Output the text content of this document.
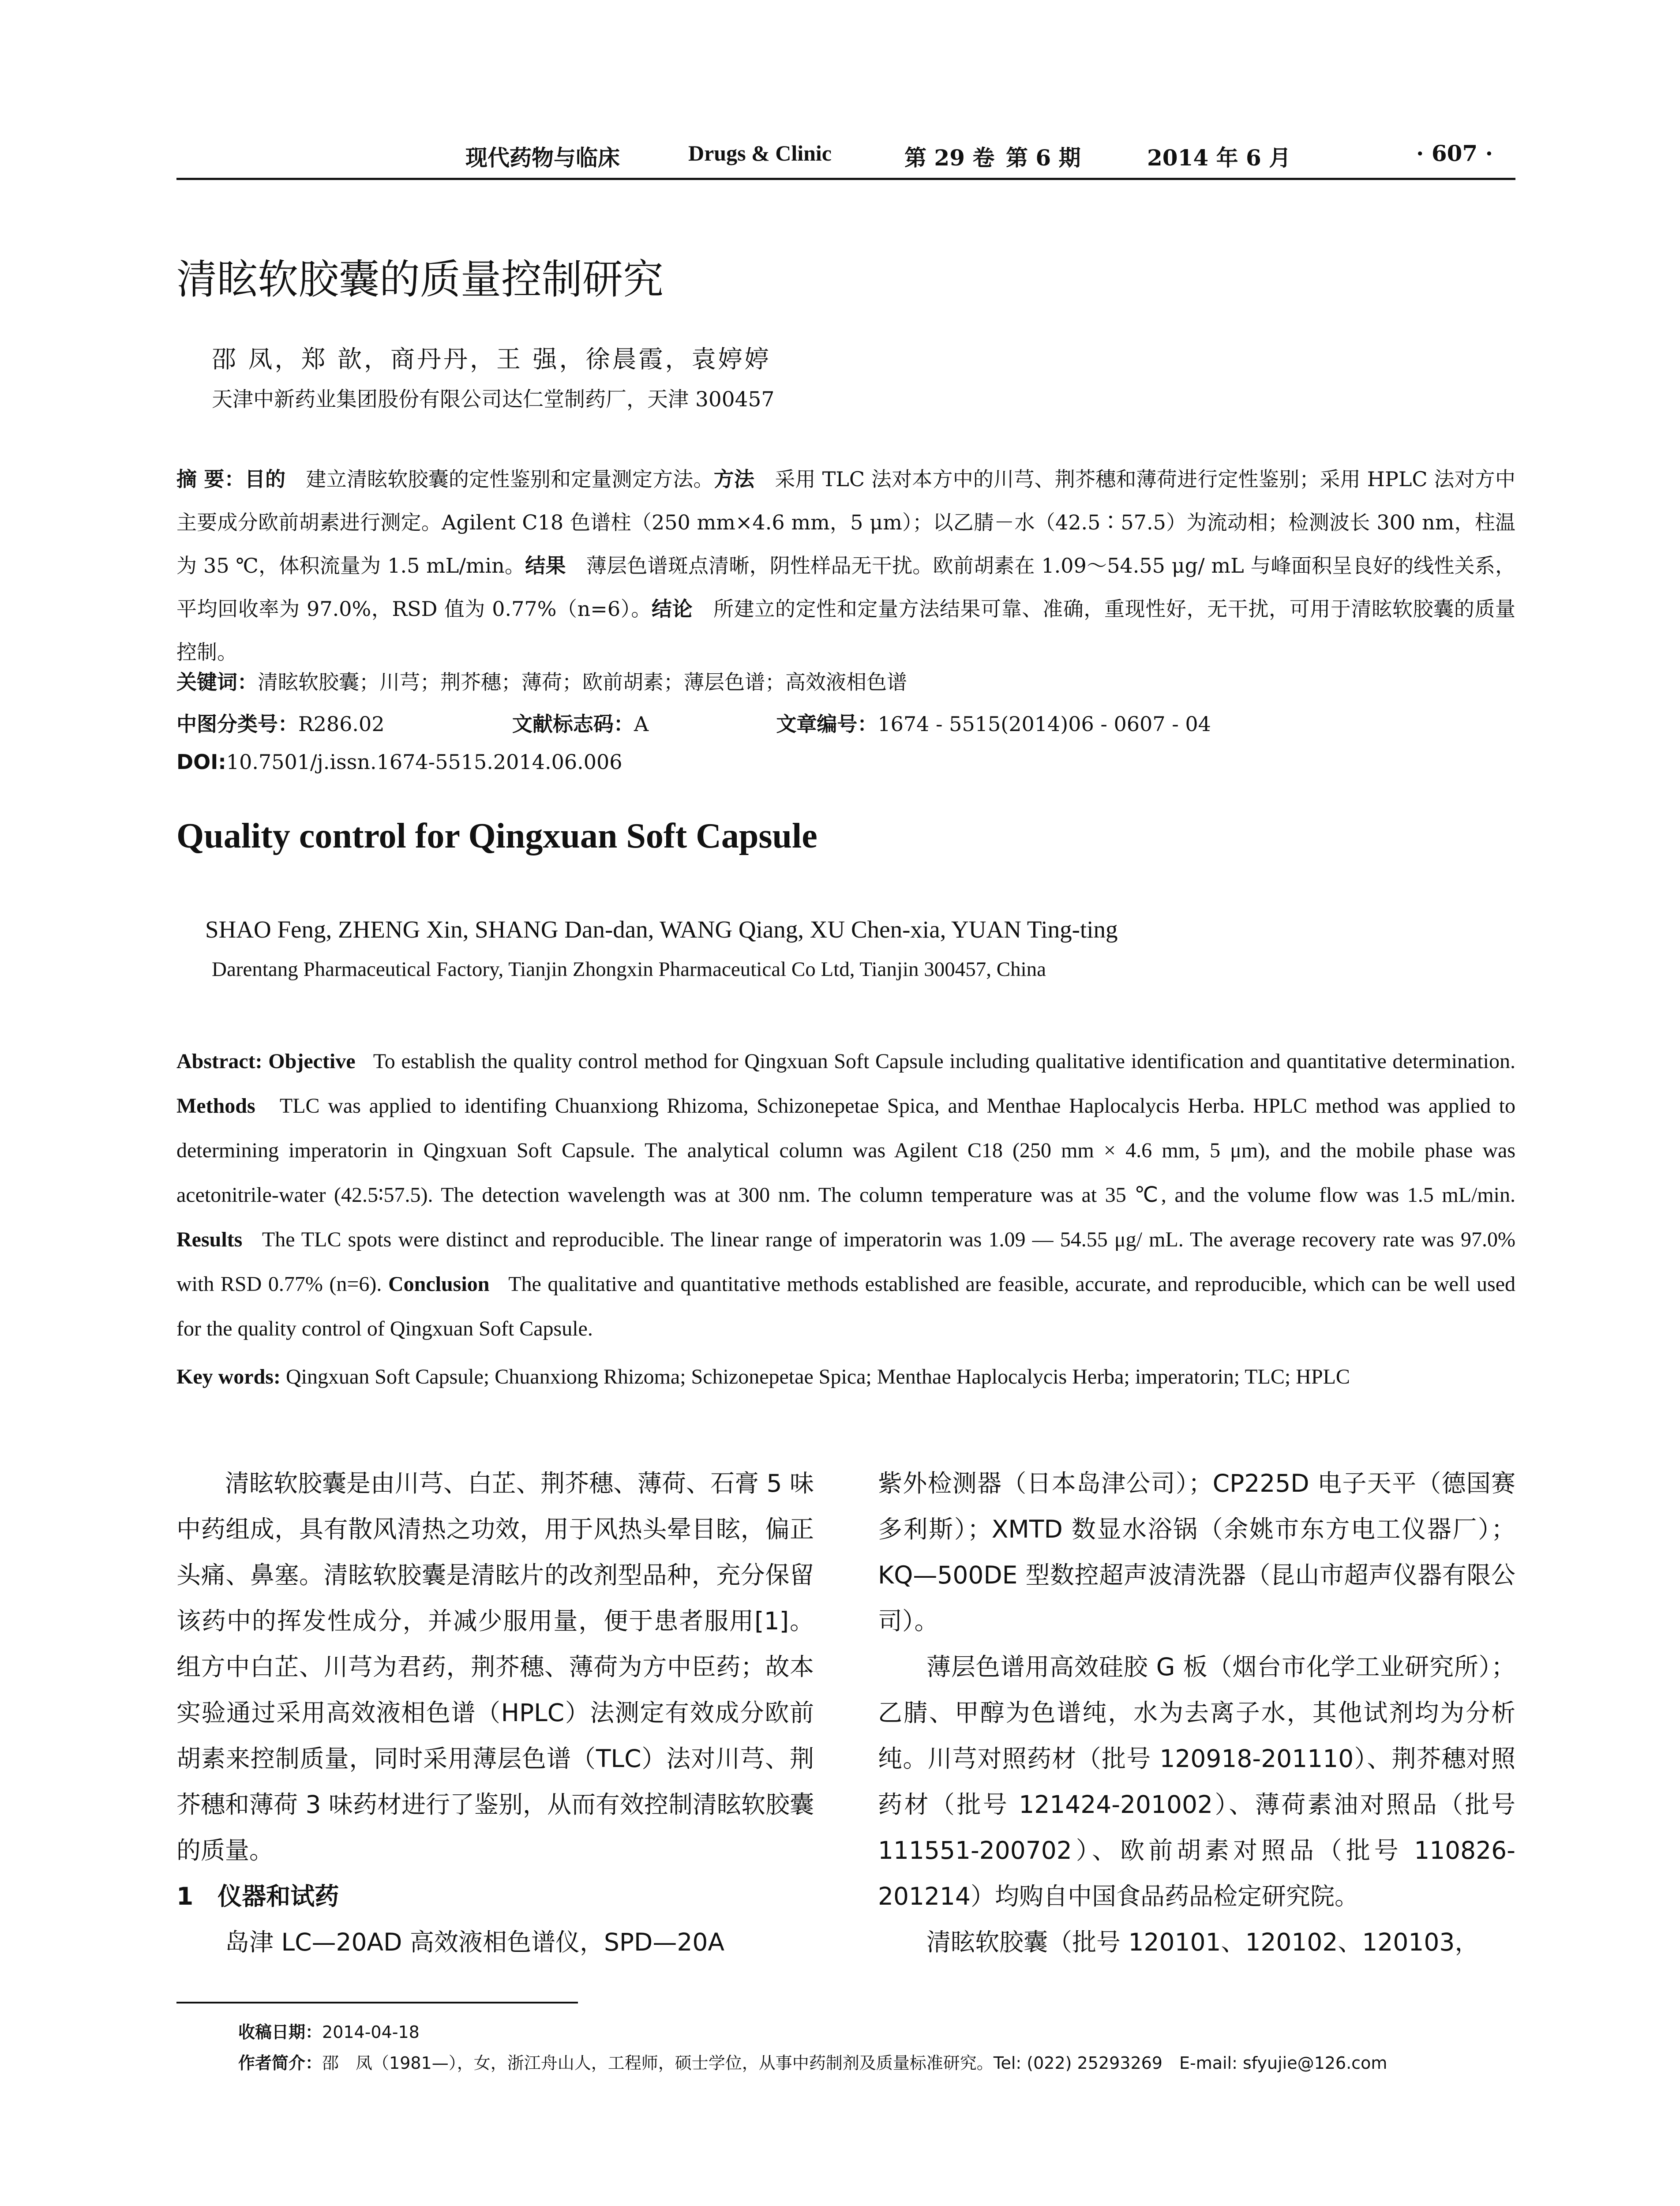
现代药物与临床	Drugs & Clinic	第 29 卷 第 6 期	2014 年 6 月	· 607 ·
清眩软胶囊的质量控制研究
邵 凤，郑 歆，商丹丹，王 强，徐晨霞，袁婷婷
天津中新药业集团股份有限公司达仁堂制药厂，天津 300457
摘 要：目的　 建立清眩软胶囊的定性鉴别和定量测定方法。方法　 采用 TLC 法对本方中的川芎、荆芥穗和薄荷进行定性鉴别；采用 HPLC 法对方中主要成分欧前胡素进行测定。Agilent C18 色谱柱（250 mm×4.6 mm，5 μm）；以乙腈－水（42.5∶57.5）为流动相；检测波长 300 nm，柱温为 35 ℃，体积流量为 1.5 mL/min。结果　 薄层色谱斑点清晰，阴性样品无干扰。欧前胡素在 1.09～54.55 μg/ mL 与峰面积呈良好的线性关系，平均回收率为 97.0%，RSD 值为 0.77%（n=6）。结论　 所建立的定性和定量方法结果可靠、准确，重现性好，无干扰，可用于清眩软胶囊的质量控制。
关键词：清眩软胶囊；川芎；荆芥穗；薄荷；欧前胡素；薄层色谱；高效液相色谱
中图分类号：R286.02	文献标志码：A	文章编号：1674 - 5515(2014)06 - 0607 - 04
DOI:10.7501/j.issn.1674-5515.2014.06.006
Quality control for Qingxuan Soft Capsule
SHAO Feng, ZHENG Xin, SHANG Dan-dan, WANG Qiang, XU Chen-xia, YUAN Ting-ting
Darentang Pharmaceutical Factory, Tianjin Zhongxin Pharmaceutical Co Ltd, Tianjin 300457, China
Abstract: Objective To establish the quality control method for Qingxuan Soft Capsule including qualitative identification and quantitative determination. Methods TLC was applied to identifing Chuanxiong Rhizoma, Schizonepetae Spica, and Menthae Haplocalycis Herba. HPLC method was applied to determining imperatorin in Qingxuan Soft Capsule. The analytical column was Agilent C18 (250 mm × 4.6 mm, 5 μm), and the mobile phase was acetonitrile-water (42.5∶57.5). The detection wavelength was at 300 nm. The column temperature was at 35 ℃, and the volume flow was 1.5 mL/min. Results The TLC spots were distinct and reproducible. The linear range of imperatorin was 1.09 — 54.55 μg/ mL. The average recovery rate was 97.0% with RSD 0.77% (n=6). Conclusion The qualitative and quantitative methods established are feasible, accurate, and reproducible, which can be well used for the quality control of Qingxuan Soft Capsule.
Key words: Qingxuan Soft Capsule; Chuanxiong Rhizoma; Schizonepetae Spica; Menthae Haplocalycis Herba; imperatorin; TLC; HPLC

清眩软胶囊是由川芎、白芷、荆芥穗、薄荷、石膏 5 味中药组成，具有散风清热之功效，用于风热头晕目眩，偏正头痛、鼻塞。清眩软胶囊是清眩片的改剂型品种，充分保留该药中的挥发性成分，并减少服用量，便于患者服用[1]。组方中白芷、川芎为君药，荆芥穗、薄荷为方中臣药；故本实验通过采用高效液相色谱（HPLC）法测定有效成分欧前胡素来控制质量，同时采用薄层色谱（TLC）法对川芎、荆芥穗和薄荷 3 味药材进行了鉴别，从而有效控制清眩软胶囊的质量。

1　仪器和试药

岛津 LC—20AD 高效液相色谱仪，SPD—20A

紫外检测器（日本岛津公司）；CP225D 电子天平（德国赛多利斯）；XMTD 数显水浴锅（余姚市东方电工仪器厂）；KQ—500DE 型数控超声波清洗器（昆山市超声仪器有限公司）。

薄层色谱用高效硅胶 G 板（烟台市化学工业研究所）；乙腈、甲醇为色谱纯，水为去离子水，其他试剂均为分析纯。川芎对照药材（批号 120918-201110）、荆芥穗对照药材（批号 121424-201002）、薄荷素油对照品（批号 111551-200702）、欧前胡素对照品（批号 110826-201214）均购自中国食品药品检定研究院。

清眩软胶囊（批号 120101、120102、120103，

收稿日期：2014-04-18
作者简介：邵　凤（1981—），女，浙江舟山人，工程师，硕士学位，从事中药制剂及质量标准研究。Tel: (022) 25293269　E-mail: sfyujie@126.com
